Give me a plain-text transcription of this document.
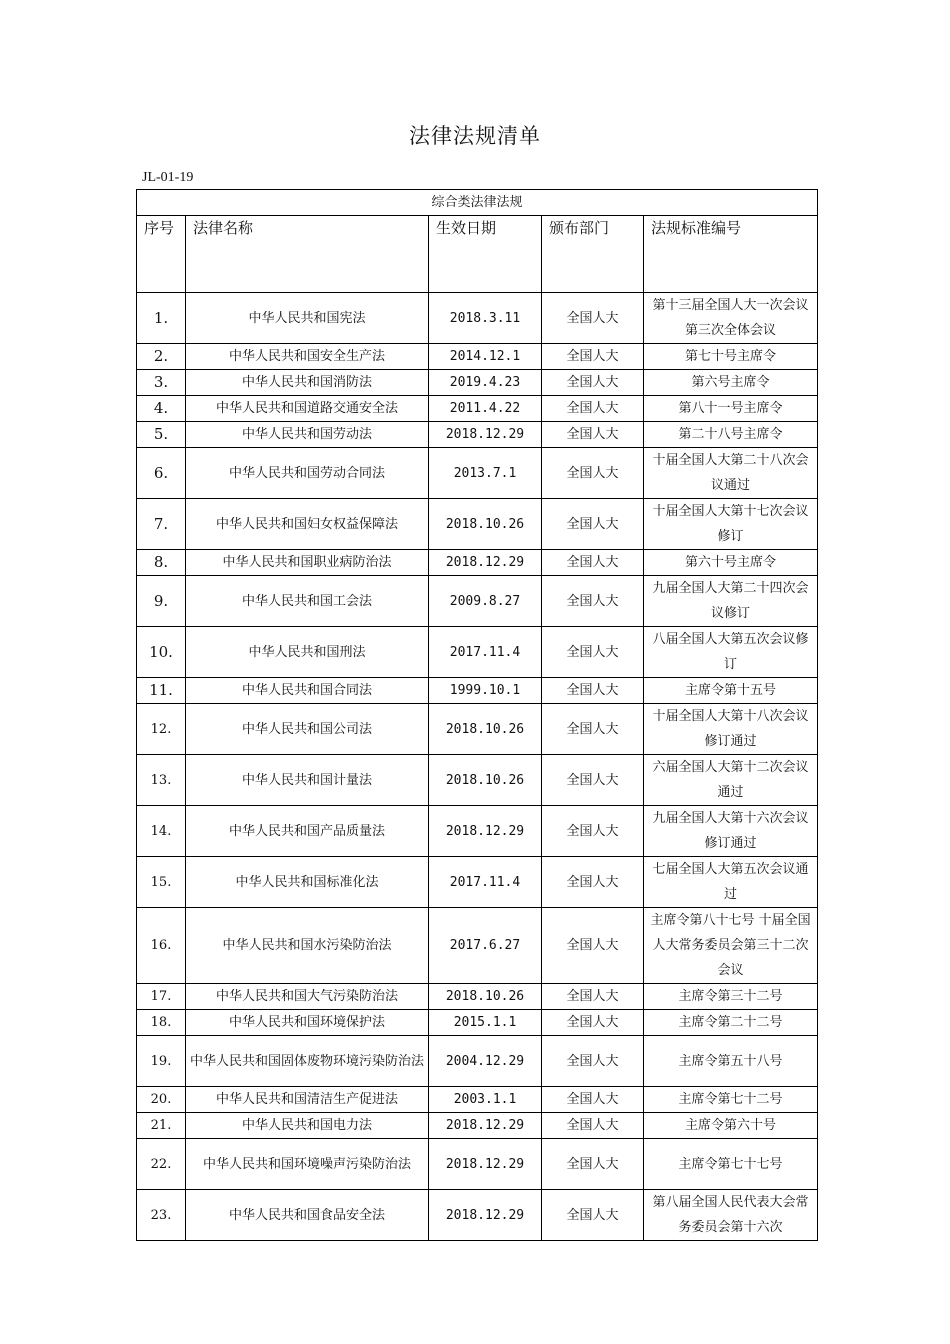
法律法规清单
JL-01-19
综合类法律法规				
序号	法律名称	生效日期	颁布部门	法规标准编号
1.	中华人民共和国宪法	2018.3.11	全国人大	第十三届全国人大一次会议第三次全体会议
2.	中华人民共和国安全生产法	2014.12.1	全国人大	第七十号主席令
3.	中华人民共和国消防法	2019.4.23	全国人大	第六号主席令
4.	中华人民共和国道路交通安全法	2011.4.22	全国人大	第八十一号主席令
5.	中华人民共和国劳动法	2018.12.29	全国人大	第二十八号主席令
6.	中华人民共和国劳动合同法	2013.7.1	全国人大	十届全国人大第二十八次会议通过
7.	中华人民共和国妇女权益保障法	2018.10.26	全国人大	十届全国人大第十七次会议修订
8.	中华人民共和国职业病防治法	2018.12.29	全国人大	第六十号主席令
9.	中华人民共和国工会法	2009.8.27	全国人大	九届全国人大第二十四次会议修订
10.	中华人民共和国刑法	2017.11.4	全国人大	八届全国人大第五次会议修订
11.	中华人民共和国合同法	1999.10.1	全国人大	主席令第十五号
12.	中华人民共和国公司法	2018.10.26	全国人大	十届全国人大第十八次会议修订通过
13.	中华人民共和国计量法	2018.10.26	全国人大	六届全国人大第十二次会议通过
14.	中华人民共和国产品质量法	2018.12.29	全国人大	九届全国人大第十六次会议修订通过
15.	中华人民共和国标准化法	2017.11.4	全国人大	七届全国人大第五次会议通过
16.	中华人民共和国水污染防治法	2017.6.27	全国人大	主席令第八十七号 十届全国人大常务委员会第三十二次会议
17.	中华人民共和国大气污染防治法	2018.10.26	全国人大	主席令第三十二号
18.	中华人民共和国环境保护法	2015.1.1	全国人大	主席令第二十二号
19.	中华人民共和国固体废物环境污染防治法	2004.12.29	全国人大	主席令第五十八号
20.	中华人民共和国清洁生产促进法	2003.1.1	全国人大	主席令第七十二号
21.	中华人民共和国电力法	2018.12.29	全国人大	主席令第六十号
22.	中华人民共和国环境噪声污染防治法	2018.12.29	全国人大	主席令第七十七号
23.	中华人民共和国食品安全法	2018.12.29	全国人大	第八届全国人民代表大会常务委员会第十六次
